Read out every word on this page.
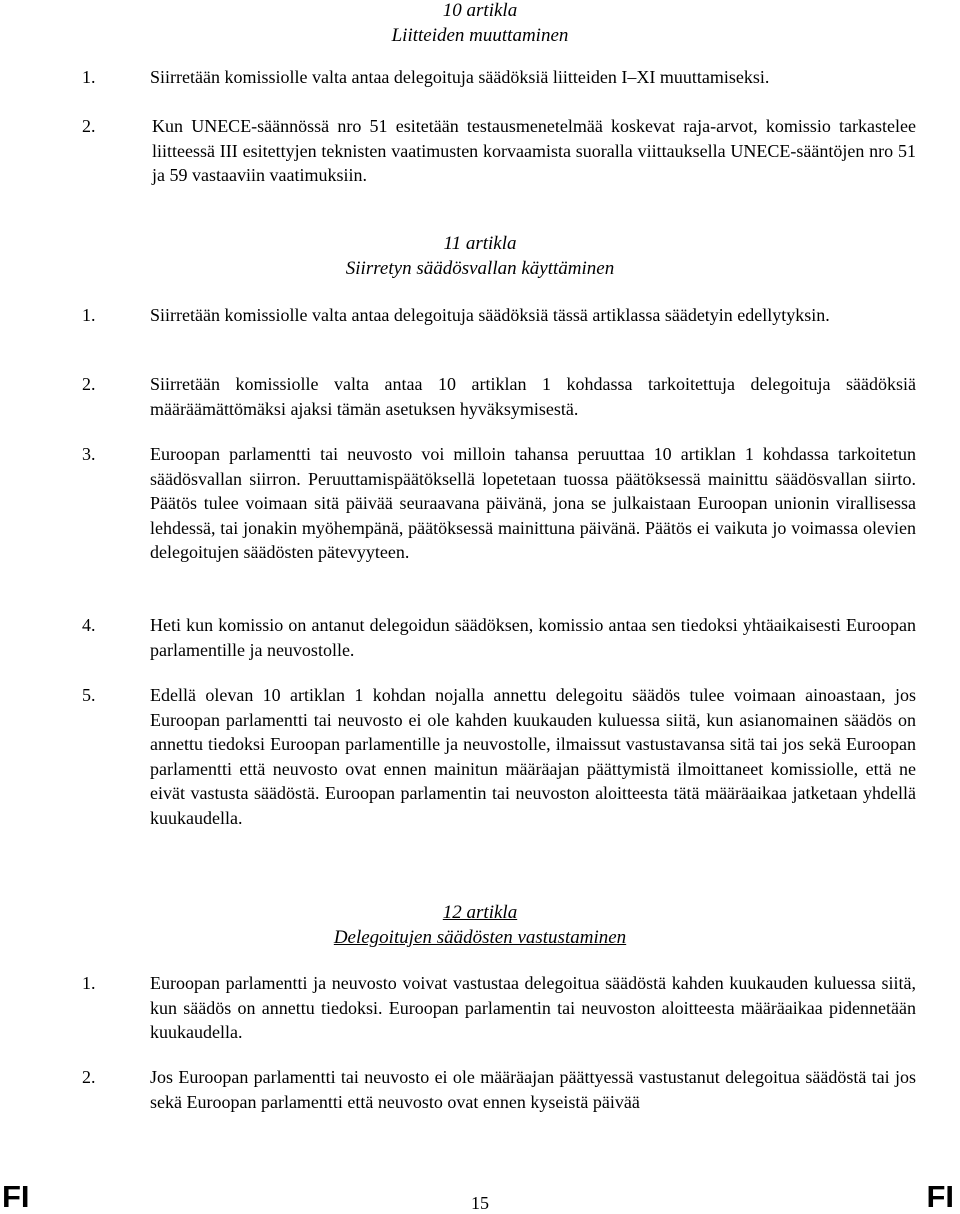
10 artikla
Liitteiden muuttaminen
1.	Siirretään komissiolle valta antaa delegoituja säädöksiä liitteiden I–XI muuttamiseksi.
2.	Kun UNECE-säännössä nro 51 esitetään testausmenetelmää koskevat raja-arvot, komissio tarkastelee liitteessä III esitettyjen teknisten vaatimusten korvaamista suoralla viittauksella UNECE-sääntöjen nro 51 ja 59 vastaaviin vaatimuksiin.
11 artikla
Siirretyn säädösvallan käyttäminen
1.	Siirretään komissiolle valta antaa delegoituja säädöksiä tässä artiklassa säädetyin edellytyksin.
2.	Siirretään komissiolle valta antaa 10 artiklan 1 kohdassa tarkoitettuja delegoituja säädöksiä määräämättömäksi ajaksi tämän asetuksen hyväksymisestä.
3.	Euroopan parlamentti tai neuvosto voi milloin tahansa peruuttaa 10 artiklan 1 kohdassa tarkoitetun säädösvallan siirron. Peruuttamispäätöksellä lopetetaan tuossa päätöksessä mainittu säädösvallan siirto. Päätös tulee voimaan sitä päivää seuraavana päivänä, jona se julkaistaan Euroopan unionin virallisessa lehdessä, tai jonakin myöhempänä, päätöksessä mainittuna päivänä. Päätös ei vaikuta jo voimassa olevien delegoitujen säädösten pätevyyteen.
4.	Heti kun komissio on antanut delegoidun säädöksen, komissio antaa sen tiedoksi yhtäaikaisesti Euroopan parlamentille ja neuvostolle.
5.	Edellä olevan 10 artiklan 1 kohdan nojalla annettu delegoitu säädös tulee voimaan ainoastaan, jos Euroopan parlamentti tai neuvosto ei ole kahden kuukauden kuluessa siitä, kun asianomainen säädös on annettu tiedoksi Euroopan parlamentille ja neuvostolle, ilmaissut vastustavansa sitä tai jos sekä Euroopan parlamentti että neuvosto ovat ennen mainitun määräajan päättymistä ilmoittaneet komissiolle, että ne eivät vastusta säädöstä. Euroopan parlamentin tai neuvoston aloitteesta tätä määräaikaa jatketaan yhdellä kuukaudella.
12 artikla
Delegoitujen säädösten vastustaminen
1.	Euroopan parlamentti ja neuvosto voivat vastustaa delegoitua säädöstä kahden kuukauden kuluessa siitä, kun säädös on annettu tiedoksi. Euroopan parlamentin tai neuvoston aloitteesta määräaikaa pidennetään kuukaudella.
2.	Jos Euroopan parlamentti tai neuvosto ei ole määräajan päättyessä vastustanut delegoitua säädöstä tai jos sekä Euroopan parlamentti että neuvosto ovat ennen kyseistä päivää
FI	15	FI
